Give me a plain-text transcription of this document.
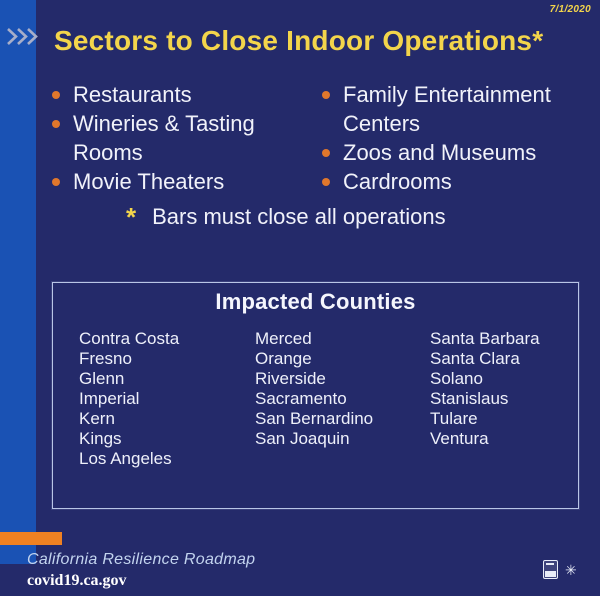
7/1/2020
Sectors to Close Indoor Operations*
Restaurants
Wineries & Tasting Rooms
Movie Theaters
Family Entertainment Centers
Zoos and Museums
Cardrooms
* Bars must close all operations
Impacted Counties
Contra Costa
Fresno
Glenn
Imperial
Kern
Kings
Los Angeles
Merced
Orange
Riverside
Sacramento
San Bernardino
San Joaquin
Santa Barbara
Santa Clara
Solano
Stanislaus
Tulare
Ventura
California Resilience Roadmap
covid19.ca.gov
✳
